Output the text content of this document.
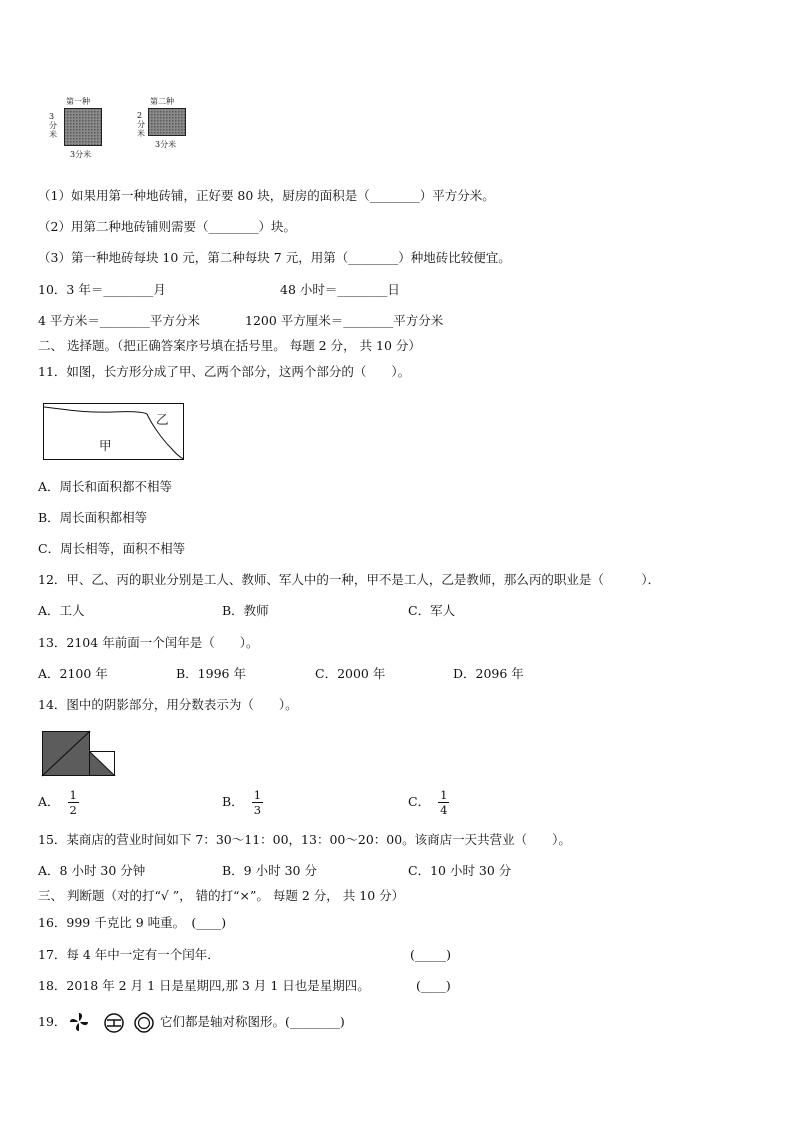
第一种
3分米
3分米
第二种
2分米
3分米
（1）如果用第一种地砖铺，正好要 80 块，厨房的面积是（________）平方分米。
（2）用第二种地砖铺则需要（________）块。
（3）第一种地砖每块 10 元，第二种每块 7 元，用第（________）种地砖比较便宜。
10．3 年＝________月	48 小时＝________日
4 平方米＝________平方分米	1200 平方厘米＝________平方分米
二、 选择题。（把正确答案序号填在括号里。 每题 2 分， 共 10 分）
11．如图，长方形分成了甲、乙两个部分，这两个部分的（　　）。
甲
乙
A．周长和面积都不相等
B．周长面积都相等
C．周长相等，面积不相等
12．甲、乙、丙的职业分别是工人、教师、军人中的一种，甲不是工人，乙是教师，那么丙的职业是（　　　）．
A．工人	B．教师	C．军人
13．2104 年前面一个闰年是（　　）。
A．2100 年	B．1996 年	C．2000 年	D．2096 年
14．图中的阴影部分，用分数表示为（　　）。
A． $\frac{1}{2}$	B． $\frac{1}{3}$	C． $\frac{1}{4}$
15．某商店的营业时间如下 7：30～11：00，13：00～20：00。该商店一天共营业（　　）。
A．8 小时 30 分钟	B．9 小时 30 分	C．10 小时 30 分
三、 判断题（对的打“√ ”， 错的打“×”。 每题 2 分， 共 10 分）
16．999 千克比 9 吨重。　(____)
17．每 4 年中一定有一个闰年．	(_____)
18．2018 年 2 月 1 日是星期四,那 3 月 1 日也是星期四。	(____)
19．	它们都是轴对称图形。(________)
